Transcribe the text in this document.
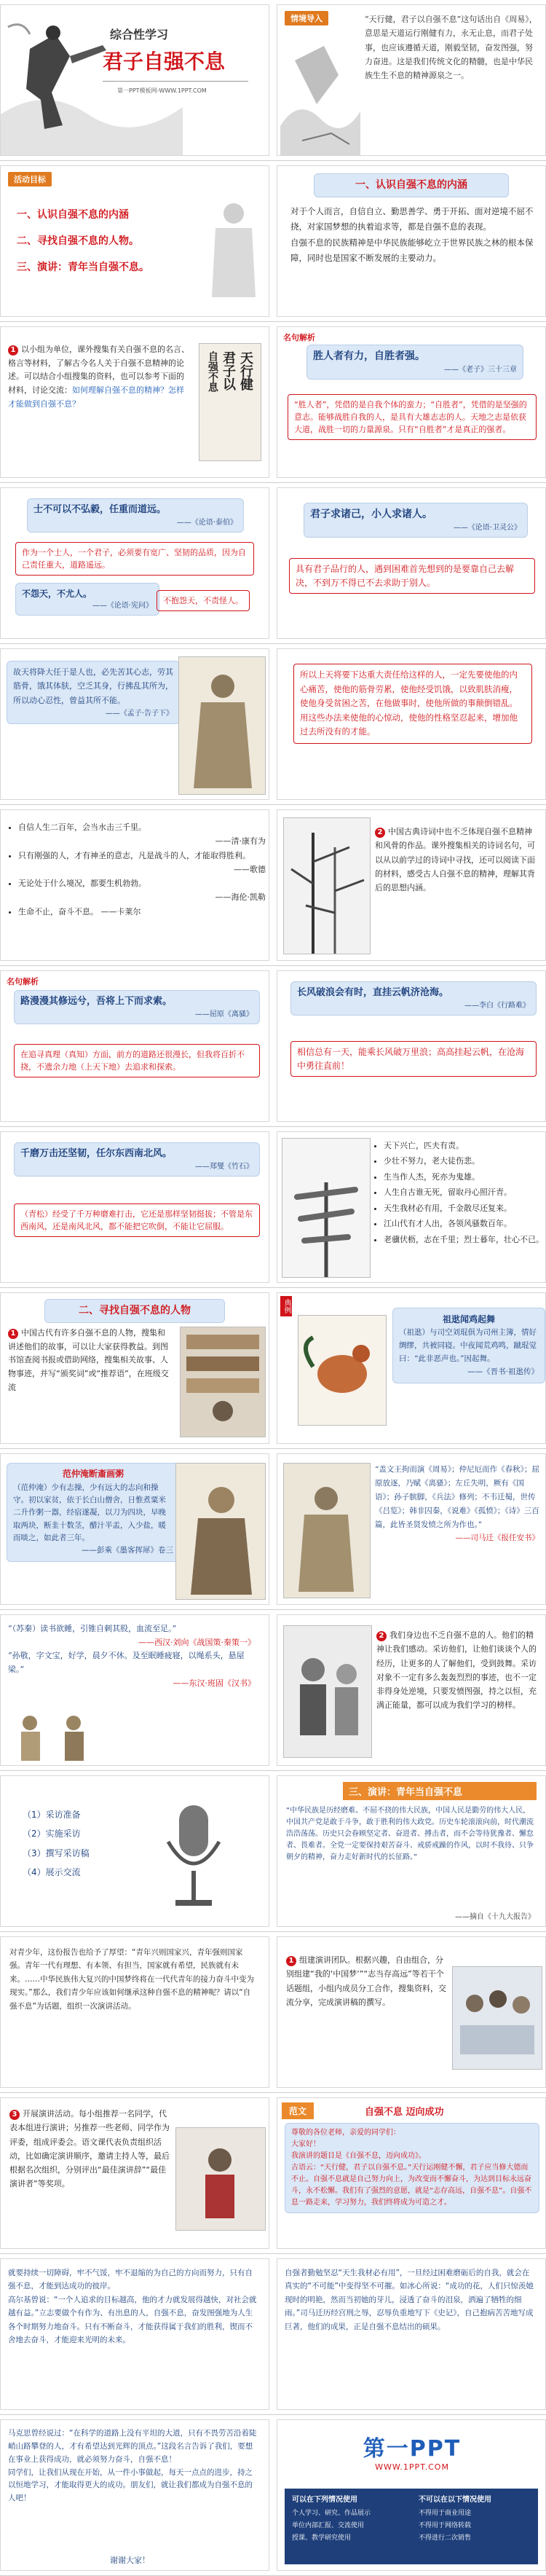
综合性学习
君子自强不息
第一PPT模板网-WWW.1PPT.COM
情境导入	“天行健，君子以自强不息”这句话出自《周易》，意思是天道运行刚健有力，永无止息，而君子处事，也应该遵循天道，刚毅坚韧，奋发图强，努力奋进。这是我们传统文化的精髓，也是中华民族生生不息的精神源泉之一。
活动目标
一、认识自强不息的内涵
二、寻找自强不息的人物。
三、演讲：青年当自强不息。
一、认识自强不息的内涵
对于个人而言，自信自立、勤思善学、勇于开拓、面对逆境不屈不挠，对家国梦想的执着追求等，都是自强不息的表现。
自强不息的民族精神是中华民族能够屹立于世界民族之林的根本保障，同时也是国家不断发展的主要动力。
1 以小组为单位，课外搜集有关自强不息的名言、格言等材料，了解古今名人关于自强不息精神的论述。可以结合小组搜集的资料，也可以参考下面的材料，讨论交流：如何理解自强不息的精神？怎样才能做到自强不息？
天行健
君子以
自强不息
名句解析
胜人者有力，自胜者强。
——《老子》三十三章
“胜人者”，凭借的是自我个体的蛮力；“自胜者”，凭借的是坚强的意志。能够战胜自我的人，是具有大雄志志的人。天地之志是依获大道，战胜一切的力量源泉。只有“自胜者”才是真正的强者。
士不可以不弘毅，任重而道远。
——《论语·泰伯》
作为一个士人，一个君子，必须要有宽广、坚韧的品质，因为自己责任重大，道路遥远。
不怨天，不尤人。
——《论语·宪问》
不抱怨天，不责怪人。
君子求诸己，小人求诸人。
——《论语·卫灵公》
具有君子品行的人，遇到困难首先想到的是要靠自己去解决，不到万不得已不去求助于别人。
故天将降大任于是人也，必先苦其心志，劳其筋骨，饿其体肤，空乏其身，行拂乱其所为，所以动心忍性，曾益其所不能。
——《孟子·告子下》
所以上天将要下达重大责任给这样的人，一定先要使他的内心痛苦，使他的筋骨劳累，使他经受饥饿，以致肌肤消瘦，使他身受贫困之苦，在他做事时，使他所做的事颠倒错乱。用这些办法来使他的心惊动，使他的性格坚忍起来，增加他过去所没有的才能。
• 自信人生二百年，会当水击三千里。
——清·康有为
• 只有刚强的人，才有神圣的意志，凡是战斗的人，才能取得胜利。
——歌德
• 无论处于什么境况，都要生机勃勃。
——海伦·凯勒
• 生命不止，奋斗不息。 ——卡莱尔
2 中国古典诗词中也不乏体现自强不息精神和风骨的作品。课外搜集相关的诗词名句，可以从以前学过的诗词中寻找，还可以阅读下面的材料，感受古人自强不息的精神，理解其背后的思想内涵。
名句解析
路漫漫其修远兮，吾将上下而求索。
——屈原《离骚》
在追寻真理（真知）方面，前方的道路还很漫长，但我将百折不挠，不遗余力地（上天下地）去追求和探索。
长风破浪会有时，直挂云帆济沧海。
——李白《行路难》
相信总有一天，能乘长风破万里浪；高高挂起云帆，在沧海中勇往直前！
千磨万击还坚韧，任尔东西南北风。
——郑燮《竹石》
（青松）经受了千万种磨难打击，它还是那样坚韧挺拔；不管是东西南风，还是南风北风，都不能把它吹倒，不能让它屈服。
• 天下兴亡，匹夫有责。
• 少壮不努力，老大徒伤悲。
• 生当作人杰，死亦为鬼雄。
• 人生自古谁无死，留取丹心照汗青。
• 天生我材必有用，千金散尽还复来。
• 江山代有才人出，各领风骚数百年。
• 老骥伏枥，志在千里；烈士暮年，壮心不已。
二、寻找自强不息的人物
1 中国古代有许多自强不息的人物，搜集和讲述他们的故事，可以让大家获得教益。到图书馆查阅书报或借助网络，搜集相关故事、人物事迹，并写“颁奖词”或“推荐语”，在班级交流
典例
祖逖闻鸡起舞
（祖逖）与司空刘琨俱为司州主簿，情好绸缪，共被同寝。中夜闻荒鸡鸣，蹴琨觉曰：“此非恶声也。”因起舞。
——《晋书·祖逖传》
范仲淹断齑画粥
（范仲淹）少有志操，少有远大的志向和操守。初以家贫，依于长白山僧舍，日惟煮粟米二升作粥一器，经宿遂凝，以刀为四块，早晚取两块，断韭十数茎，醋汁半盂，入少盐，暖而啖之，如此者三年。
——彭乘《墨客挥犀》卷三
“盖文王拘而演《周易》；仲尼厄而作《春秋》；屈原放逐，乃赋《离骚》；左丘失明，厥有《国语》；孙子膑脚，《兵法》修列；不韦迁蜀，世传《吕览》；韩非囚秦，《说难》《孤愤》；《诗》三百篇，此皆圣贤发愤之所为作也。”
——司马迁《报任安书》
“（苏秦）读书欲睡，引锥自刺其股，血流至足。”
——西汉·刘向《战国策·秦策一》
“孙敬，字文宝，好学，晨夕不休。及至眠睡疲寝，以绳系头，悬屋梁。”
——东汉·班固《汉书》
2 我们身边也不乏自强不息的人。他们的精神让我们感动。采访他们，让他们谈谈个人的经历，让更多的人了解他们，受到鼓舞。采访对象不一定有多么轰轰烈烈的事迹，也不一定非得身处逆境，只要发愤图强，持之以恒，充满正能量，都可以成为我们学习的榜样。
（1）采访准备
（2）实施采访
（3）撰写采访稿
（4）展示交流
三、演讲：青年当自强不息
“中华民族是历经磨难、不屈不挠的伟大民族，中国人民是勤劳的伟大人民，中国共产党是敢于斗争，敢于胜利的伟大政党。历史车轮滚滚向前，时代潮流浩浩荡荡。历史只会眷顾坚定者、奋进者、搏击者，而不会等待犹豫者、懈怠者、畏难者。全党一定要保持艰苦奋斗、戒骄戒躁的作风，以时不我待、只争朝夕的精神，奋力走好新时代的长征路。”
——摘自《十九大报告》
对青少年，这份报告也给予了厚望：“青年兴则国家兴，青年强则国家强。青年一代有理想、有本领、有担当，国家就有希望，民族就有未来。……中华民族伟大复兴的中国梦终将在一代代青年的接力奋斗中变为现实。”那么，我们青少年应该如何继承这种自强不息的精神呢？请以“自强不息”为话题，组织一次演讲活动。
1 组建演讲团队。根据兴趣，自由组合，分别组建“我的‘中国梦’”“志当存高远”等若干个话题组，小组内成员分工合作，搜集资料，交流分享，完成演讲稿的撰写。
3 开展演讲活动。每小组推荐一名同学，代表本组进行演讲；另推荐一些老师、同学作为评委，组成评委会。语文课代表负责组织活动，比如确定演讲顺序，邀请主持人等，最后根据名次组织，分别评出“最佳演讲辞”“最佳演讲者”等奖项。
范文	自强不息 迈向成功
尊敬的各位老师，亲爱的同学们：
大家好！
我演讲的题目是《自强不息，迈向成功》。
古语云：“天行健，君子以自强不息。”天行运刚健不懈，君子应当修大德而不止。自强不息就是自己努力向上，为改变而不懈奋斗，为达到目标永远奋斗，永不松懈。我们有了强烈的意愿，就是“志存高远，自强不息”。自强不息一路走来，学习努力，我们终将成为可造之才。
就要持续一切障碍，牢不气馁，牢不退缩的为自己的方向而努力，只有自强不息，才能到达成功的彼岸。
高尔基曾说：“一个人追求的目标越高，他的才力就发展得越快，对社会就越有益。”立志要做个有作为、有出息的人，自强不息，奋发图强地为人生各个时期努力地奋斗。只有不断奋斗，才能获得属于我们的胜利，锲而不舍地去奋斗，才能迎来光明的未来。
自强者勤勉坚忍“天生我材必有用”，一旦经过困难磨砺后的自我，就会在真实的“不可能”中变得坚不可摧。如冰心所说：“成功的花，人们只惊羡她现时的明艳，然而当初她的芽儿，浸透了奋斗的泪泉，洒遍了牺牲的细雨。”司马迁历经宫刑之辱，忍辱负重地写下《史记》，自己抱病苦苦地写成巨著，他们的成果，正是自强不息结出的硕果。
马克思曾经说过：“在科学的道路上没有平坦的大道，只有不畏劳苦沿着陡峭山路攀登的人，才有希望达到光辉的顶点。”这段名言告诉了我们，要想在事业上获得成功，就必须努力奋斗，自强不息！
同学们，让我们从现在开始，从一件小事做起，每天一点点的进步，持之以恒地学习，才能取得更大的成功。朋友们，就让我们都成为自强不息的人吧！
谢谢大家！
第一PPT
WWW.1PPT.COM
可以在下列情况使用	不可以在以下情况使用
个人学习、研究、作品展示
单位内部汇报、交流使用
授课、教学研究使用
不得用于商业用途
不得用于网络转载
不得进行二次销售
